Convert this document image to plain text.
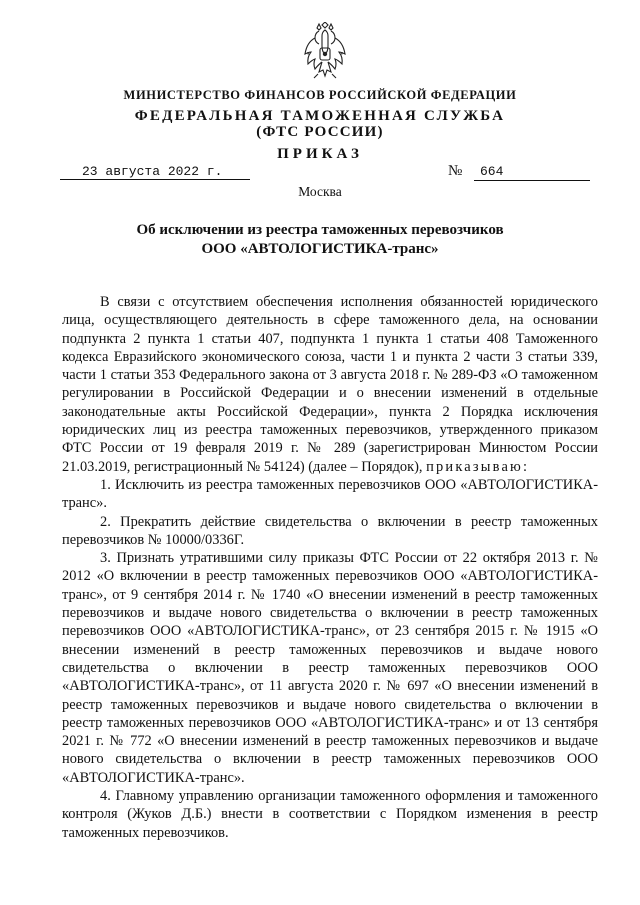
МИНИСТЕРСТВО ФИНАНСОВ РОССИЙСКОЙ ФЕДЕРАЦИИ
ФЕДЕРАЛЬНАЯ ТАМОЖЕННАЯ СЛУЖБА
(ФТС РОССИИ)
ПРИКАЗ
23 августа 2022 г.	№ 664
Москва
Об исключении из реестра таможенных перевозчиков
ООО «АВТОЛОГИСТИКА-транс»

В связи с отсутствием обеспечения исполнения обязанностей юридического лица, осуществляющего деятельность в сфере таможенного дела, на основании подпункта 2 пункта 1 статьи 407, подпункта 1 пункта 1 статьи 408 Таможенного кодекса Евразийского экономического союза, части 1 и пункта 2 части 3 статьи 339, части 1 статьи 353 Федерального закона от 3 августа 2018 г. № 289-ФЗ «О таможенном регулировании в Российской Федерации и о внесении изменений в отдельные законодательные акты Российской Федерации», пункта 2 Порядка исключения юридических лиц из реестра таможенных перевозчиков, утвержденного приказом ФТС России от 19 февраля 2019 г. № 289 (зарегистрирован Минюстом России 21.03.2019, регистрационный № 54124) (далее – Порядок), приказываю:

1. Исключить из реестра таможенных перевозчиков ООО «АВТОЛОГИСТИКА-транс».

2. Прекратить действие свидетельства о включении в реестр таможенных перевозчиков № 10000/0336Г.

3. Признать утратившими силу приказы ФТС России от 22 октября 2013 г. № 2012 «О включении в реестр таможенных перевозчиков ООО «АВТОЛОГИСТИКА-транс», от 9 сентября 2014 г. № 1740 «О внесении изменений в реестр таможенных перевозчиков и выдаче нового свидетельства о включении в реестр таможенных перевозчиков ООО «АВТОЛОГИСТИКА-транс», от 23 сентября 2015 г. № 1915 «О внесении изменений в реестр таможенных перевозчиков и выдаче нового свидетельства о включении в реестр таможенных перевозчиков ООО «АВТОЛОГИСТИКА-транс», от 11 августа 2020 г. № 697 «О внесении изменений в реестр таможенных перевозчиков и выдаче нового свидетельства о включении в реестр таможенных перевозчиков ООО «АВТОЛОГИСТИКА-транс» и от 13 сентября 2021 г. № 772 «О внесении изменений в реестр таможенных перевозчиков и выдаче нового свидетельства о включении в реестр таможенных перевозчиков ООО «АВТОЛОГИСТИКА-транс».

4. Главному управлению организации таможенного оформления и таможенного контроля (Жуков Д.Б.) внести в соответствии с Порядком изменения в реестр таможенных перевозчиков.
